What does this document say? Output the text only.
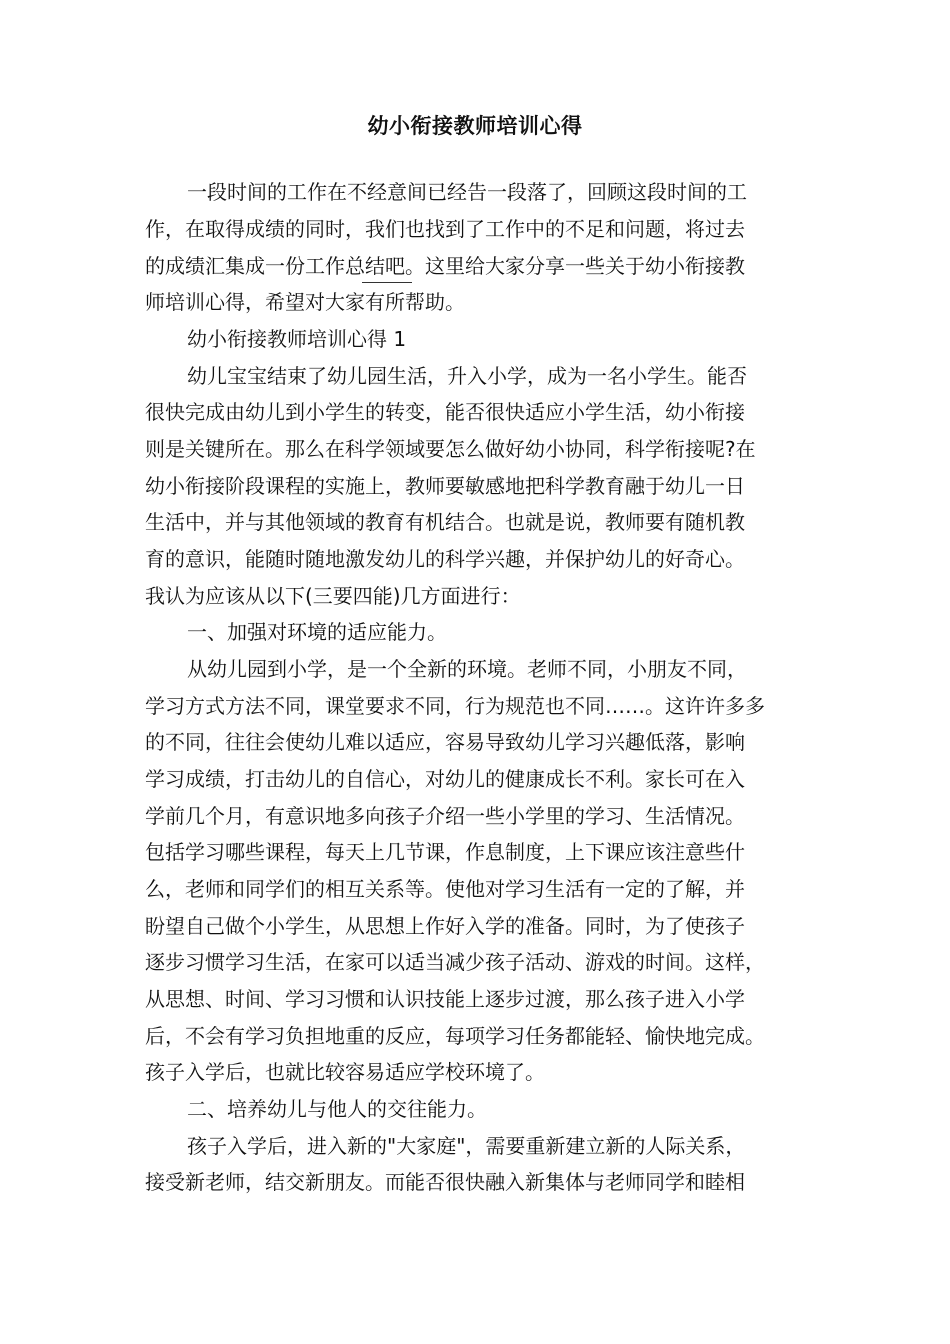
幼小衔接教师培训心得
一段时间的工作在不经意间已经告一段落了，回顾这段时间的工
作，在取得成绩的同时，我们也找到了工作中的不足和问题，将过去
的成绩汇集成一份工作总结吧。这里给大家分享一些关于幼小衔接教
师培训心得，希望对大家有所帮助。
幼小衔接教师培训心得 1
幼儿宝宝结束了幼儿园生活，升入小学，成为一名小学生。能否
很快完成由幼儿到小学生的转变，能否很快适应小学生活，幼小衔接
则是关键所在。那么在科学领域要怎么做好幼小协同，科学衔接呢?在
幼小衔接阶段课程的实施上，教师要敏感地把科学教育融于幼儿一日
生活中，并与其他领域的教育有机结合。也就是说，教师要有随机教
育的意识，能随时随地激发幼儿的科学兴趣，并保护幼儿的好奇心。
我认为应该从以下(三要四能)几方面进行：
一、加强对环境的适应能力。
从幼儿园到小学，是一个全新的环境。老师不同，小朋友不同，
学习方式方法不同，课堂要求不同，行为规范也不同……。这许许多多
的不同，往往会使幼儿难以适应，容易导致幼儿学习兴趣低落，影响
学习成绩，打击幼儿的自信心，对幼儿的健康成长不利。家长可在入
学前几个月，有意识地多向孩子介绍一些小学里的学习、生活情况。
包括学习哪些课程，每天上几节课，作息制度，上下课应该注意些什
么，老师和同学们的相互关系等。使他对学习生活有一定的了解，并
盼望自己做个小学生，从思想上作好入学的准备。同时，为了使孩子
逐步习惯学习生活，在家可以适当减少孩子活动、游戏的时间。这样，
从思想、时间、学习习惯和认识技能上逐步过渡，那么孩子进入小学
后，不会有学习负担地重的反应，每项学习任务都能轻、愉快地完成。
孩子入学后，也就比较容易适应学校环境了。
二、培养幼儿与他人的交往能力。
孩子入学后，进入新的"大家庭"，需要重新建立新的人际关系，
接受新老师，结交新朋友。而能否很快融入新集体与老师同学和睦相
